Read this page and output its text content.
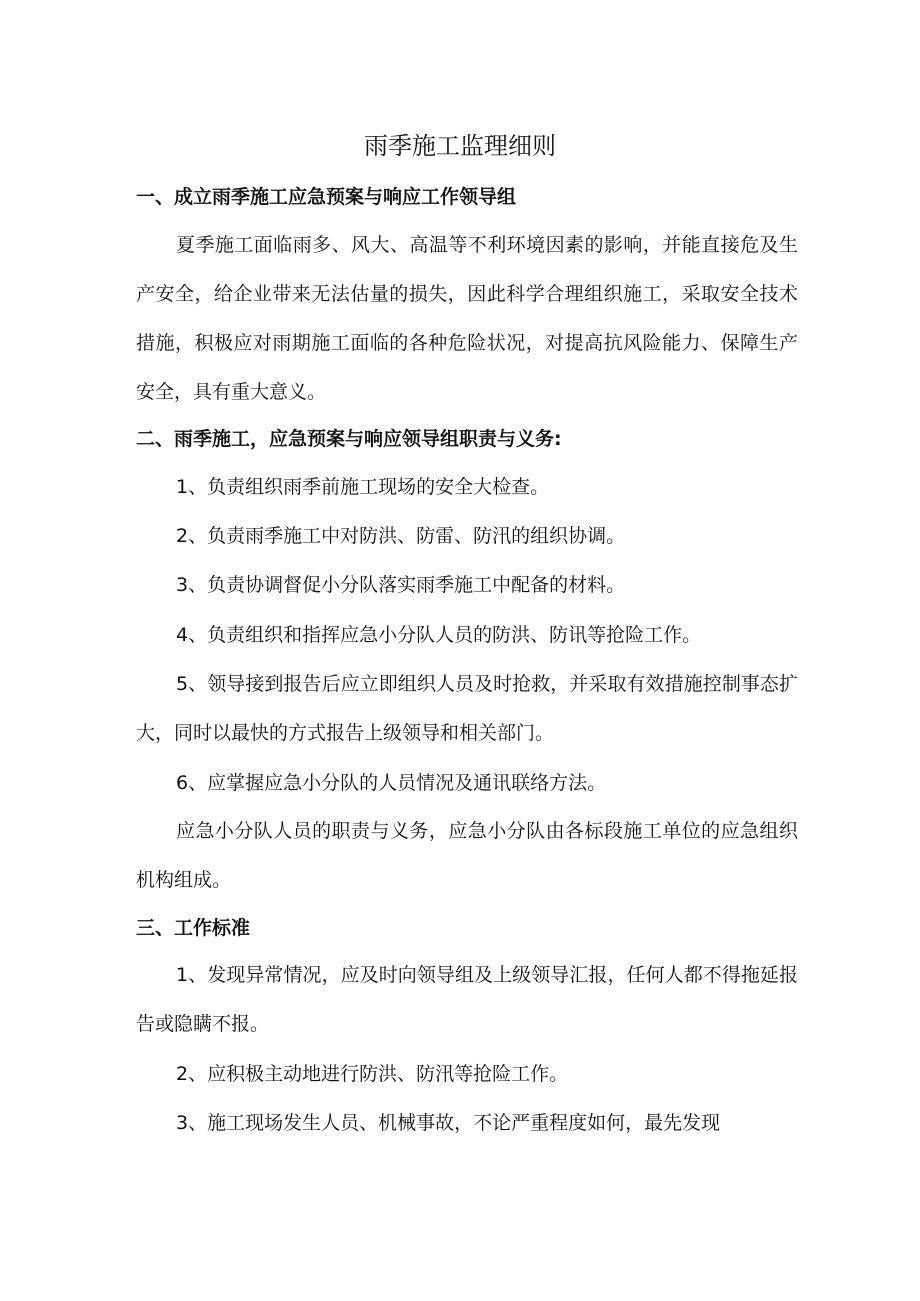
雨季施工监理细则
一、成立雨季施工应急预案与响应工作领导组
夏季施工面临雨多、风大、高温等不利环境因素的影响，并能直接危及生产安全，给企业带来无法估量的损失，因此科学合理组织施工，采取安全技术措施，积极应对雨期施工面临的各种危险状况，对提高抗风险能力、保障生产安全，具有重大意义。
二、雨季施工，应急预案与响应领导组职责与义务:
1、负责组织雨季前施工现场的安全大检查。
2、负责雨季施工中对防洪、防雷、防汛的组织协调。
3、负责协调督促小分队落实雨季施工中配备的材料。
4、负责组织和指挥应急小分队人员的防洪、防讯等抢险工作。
5、领导接到报告后应立即组织人员及时抢救，并采取有效措施控制事态扩大，同时以最快的方式报告上级领导和相关部门。
6、应掌握应急小分队的人员情况及通讯联络方法。
应急小分队人员的职责与义务，应急小分队由各标段施工单位的应急组织机构组成。
三、工作标准
1、发现异常情况，应及时向领导组及上级领导汇报，任何人都不得拖延报告或隐瞒不报。
2、应积极主动地进行防洪、防汛等抢险工作。
3、施工现场发生人员、机械事故，不论严重程度如何，最先发现
